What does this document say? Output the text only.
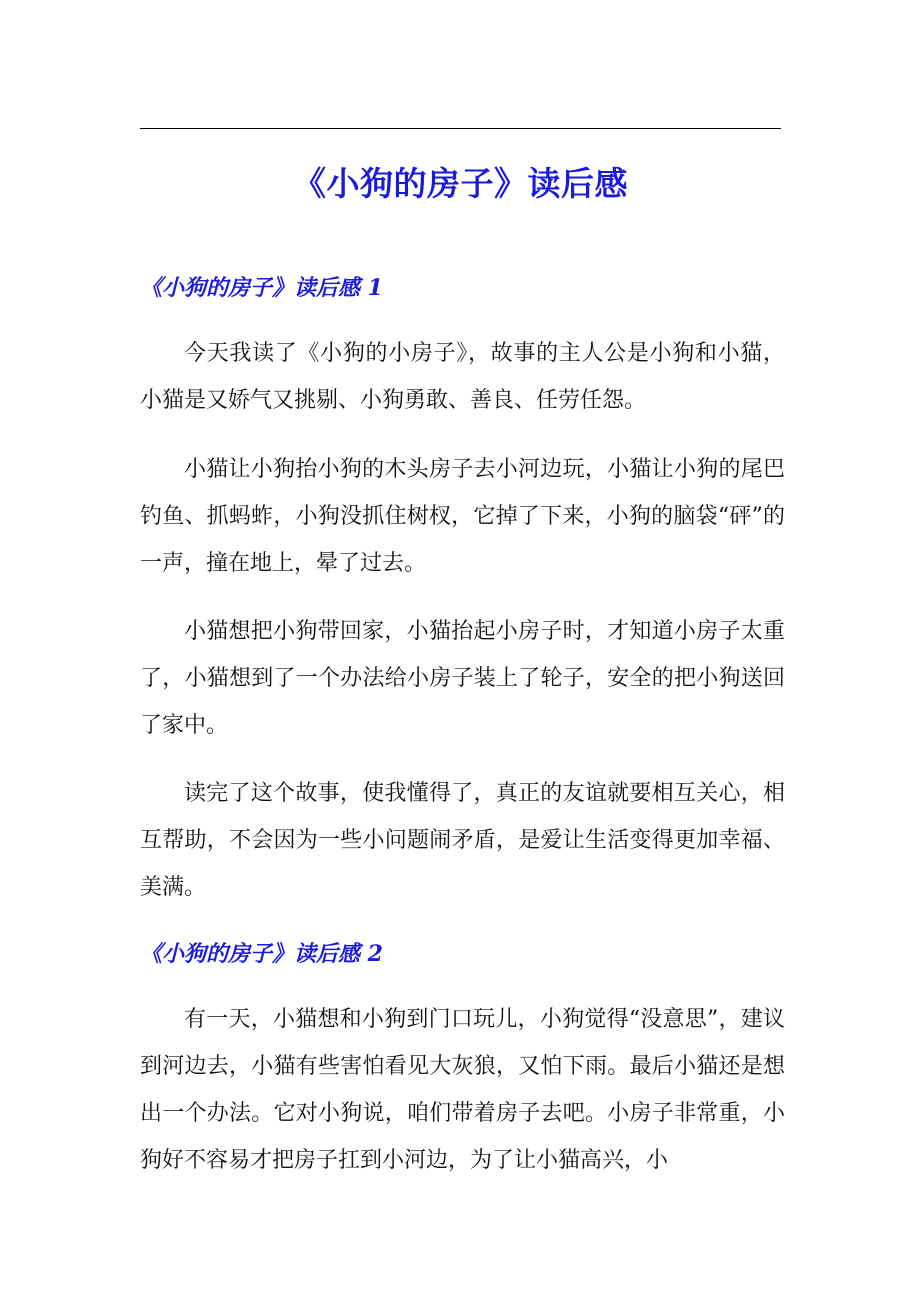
《小狗的房子》读后感
《小狗的房子》读后感 1

今天我读了《小狗的小房子》，故事的主人公是小狗和小猫，小猫是又娇气又挑剔、小狗勇敢、善良、任劳任怨。

小猫让小狗抬小狗的木头房子去小河边玩，小猫让小狗的尾巴钓鱼、抓蚂蚱，小狗没抓住树杈，它掉了下来，小狗的脑袋“砰”的一声，撞在地上，晕了过去。

小猫想把小狗带回家，小猫抬起小房子时，才知道小房子太重了，小猫想到了一个办法给小房子装上了轮子，安全的把小狗送回了家中。

读完了这个故事，使我懂得了，真正的友谊就要相互关心，相互帮助，不会因为一些小问题闹矛盾，是爱让生活变得更加幸福、美满。

《小狗的房子》读后感 2

有一天，小猫想和小狗到门口玩儿，小狗觉得“没意思”，建议到河边去，小猫有些害怕看见大灰狼，又怕下雨。最后小猫还是想出一个办法。它对小狗说，咱们带着房子去吧。小房子非常重，小狗好不容易才把房子扛到小河边，为了让小猫高兴，小
